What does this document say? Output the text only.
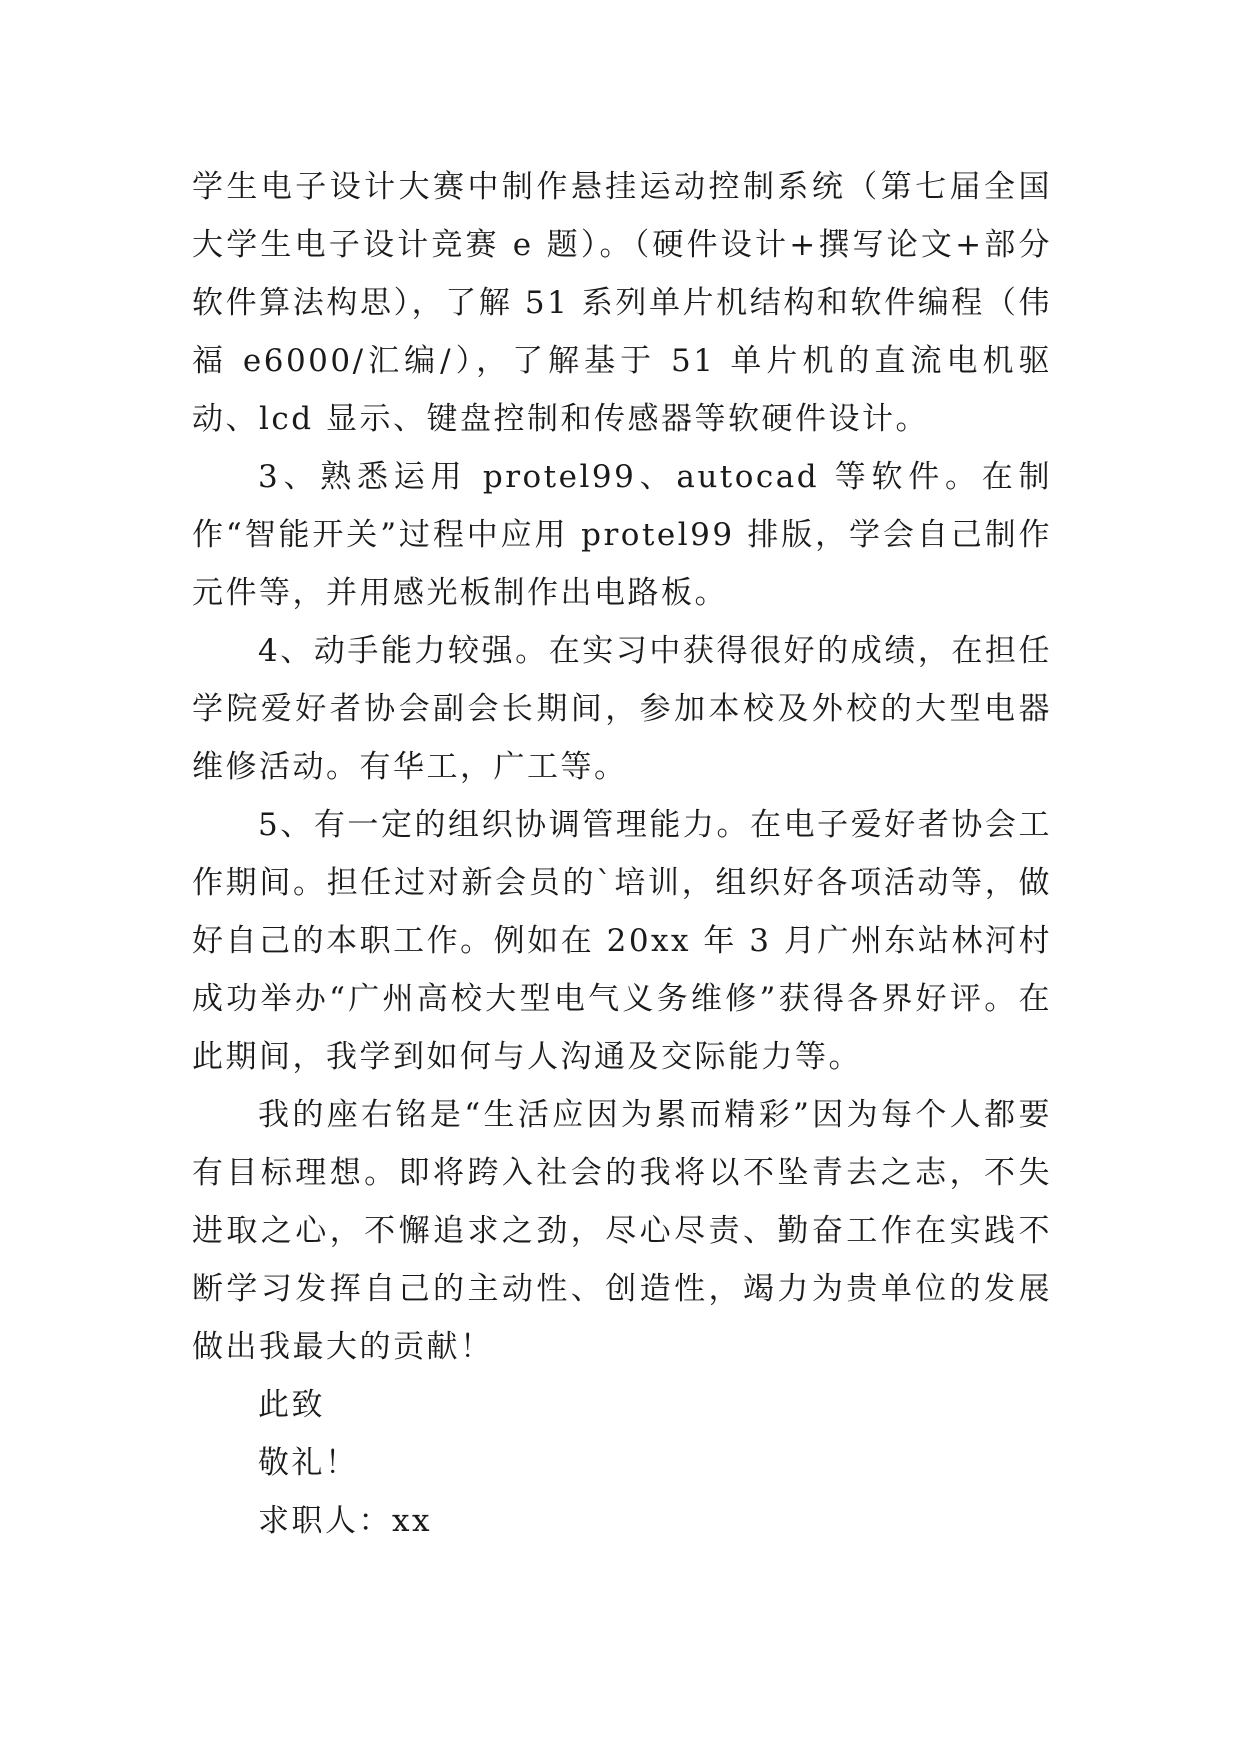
学生电子设计大赛中制作悬挂运动控制系统（第七届全国大学生电子设计竞赛 e 题）。（硬件设计+撰写论文+部分软件算法构思），了解 51 系列单片机结构和软件编程（伟福 e6000/汇编/），了解基于 51 单片机的直流电机驱动、lcd 显示、键盘控制和传感器等软硬件设计。

3、熟悉运用 protel99、autocad 等软件。在制作“智能开关”过程中应用 protel99 排版，学会自己制作元件等，并用感光板制作出电路板。

4、动手能力较强。在实习中获得很好的成绩，在担任学院爱好者协会副会长期间，参加本校及外校的大型电器维修活动。有华工，广工等。

5、有一定的组织协调管理能力。在电子爱好者协会工作期间。担任过对新会员的`培训，组织好各项活动等，做好自己的本职工作。例如在 20xx 年 3 月广州东站林河村成功举办“广州高校大型电气义务维修”获得各界好评。在此期间，我学到如何与人沟通及交际能力等。

我的座右铭是“生活应因为累而精彩”因为每个人都要有目标理想。即将跨入社会的我将以不坠青去之志，不失进取之心，不懈追求之劲，尽心尽责、勤奋工作在实践不断学习发挥自己的主动性、创造性，竭力为贵单位的发展做出我最大的贡献！

此致

敬礼！

求职人：xx
